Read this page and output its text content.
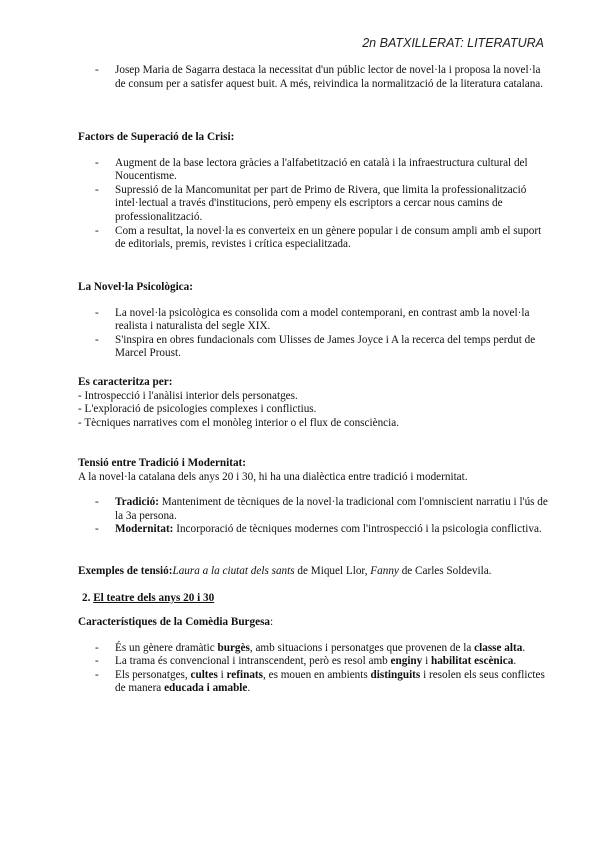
2n BATXILLERAT: LITERATURA
- Josep Maria de Sagarra destaca la necessitat d'un públic lector de novel·la i proposa la novel·la de consum per a satisfer aquest buit. A més, reivindica la normalització de la literatura catalana.

Factors de Superació de la Crisi:

- Augment de la base lectora gràcies a l'alfabetització en català i la infraestructura cultural del Noucentisme.
- Supressió de la Mancomunitat per part de Primo de Rivera, que limita la professionalització intel·lectual a través d'institucions, però empeny els escriptors a cercar nous camins de professionalització.
- Com a resultat, la novel·la es converteix en un gènere popular i de consum ampli amb el suport de editorials, premis, revistes i crítica especialitzada.

La Novel·la Psicològica:

- La novel·la psicològica es consolida com a model contemporani, en contrast amb la novel·la realista i naturalista del segle XIX.
- S'inspira en obres fundacionals com Ulisses de James Joyce i A la recerca del temps perdut de Marcel Proust.

Es caracteritza per:

- Introspecció i l'anàlisi interior dels personatges.

- L'exploració de psicologies complexes i conflictius.

- Tècniques narratives com el monòleg interior o el flux de consciència.

Tensió entre Tradició i Modernitat:

A la novel·la catalana dels anys 20 i 30, hi ha una dialèctica entre tradició i modernitat.

- Tradició: Manteniment de tècniques de la novel·la tradicional com l'omniscient narratiu i l'ús de la 3a persona.
- Modernitat: Incorporació de tècniques modernes com l'introspecció i la psicologia conflictiva.

Exemples de tensió:Laura a la ciutat dels sants de Miquel Llor, Fanny de Carles Soldevila.

2. El teatre dels anys 20 i 30

Característiques de la Comèdia Burgesa:

- És un gènere dramàtic burgès, amb situacions i personatges que provenen de la classe alta.
- La trama és convencional i intranscendent, però es resol amb enginy i habilitat escènica.
- Els personatges, cultes i refinats, es mouen en ambients distinguits i resolen els seus conflictes de manera educada i amable.
